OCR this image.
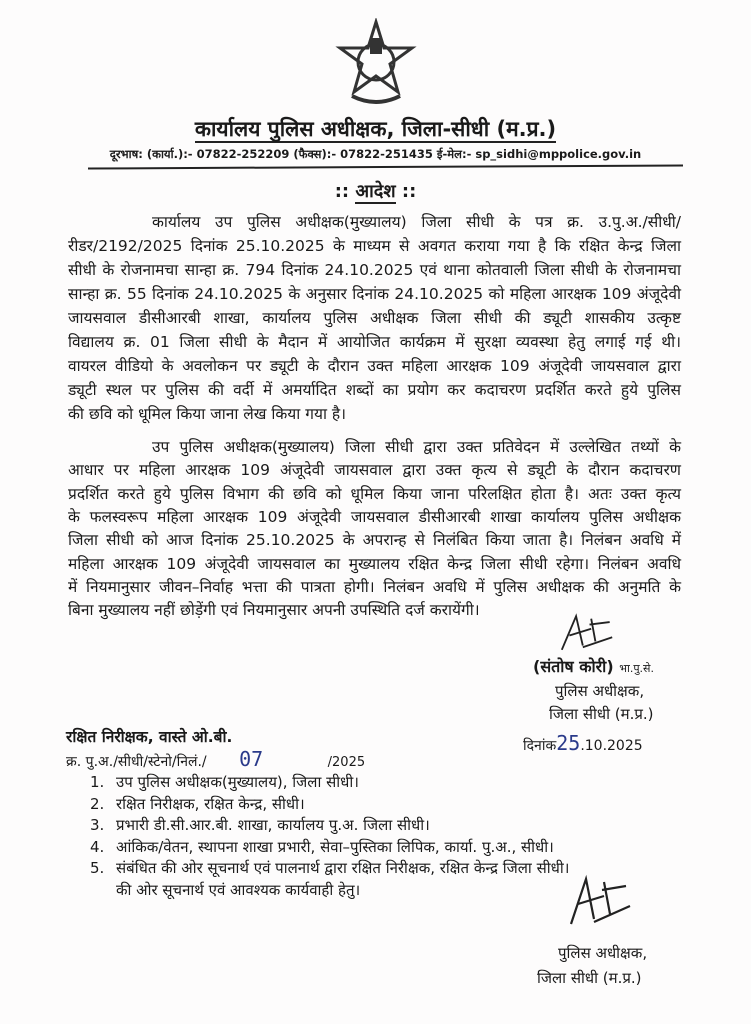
कार्यालय पुलिस अधीक्षक, जिला-सीधी (म.प्र.)
दूरभाष: (कार्या.):- 07822-252209 (फैक्स):- 07822-251435 ई-मेल:- sp_sidhi@mppolice.gov.in
:: आदेश ::
कार्यालय उप पुलिस अधीक्षक(मुख्यालय) जिला सीधी के पत्र क्र. उ.पु.अ./सीधी/
रीडर/2192/2025 दिनांक 25.10.2025 के माध्यम से अवगत कराया गया है कि रक्षित केन्द्र जिला
सीधी के रोजनामचा सान्हा क्र. 794 दिनांक 24.10.2025 एवं थाना कोतवाली जिला सीधी के रोजनामचा
सान्हा क्र. 55 दिनांक 24.10.2025 के अनुसार दिनांक 24.10.2025 को महिला आरक्षक 109 अंजूदेवी
जायसवाल डीसीआरबी शाखा, कार्यालय पुलिस अधीक्षक जिला सीधी की ड्यूटी शासकीय उत्कृष्ट
विद्यालय क्र. 01 जिला सीधी के मैदान में आयोजित कार्यक्रम में सुरक्षा व्यवस्था हेतु लगाई गई थी।
वायरल वीडियो के अवलोकन पर ड्यूटी के दौरान उक्त महिला आरक्षक 109 अंजूदेवी जायसवाल द्वारा
ड्यूटी स्थल पर पुलिस की वर्दी में अमर्यादित शब्दों का प्रयोग कर कदाचरण प्रदर्शित करते हुये पुलिस
की छवि को धूमिल किया जाना लेख किया गया है।
उप पुलिस अधीक्षक(मुख्यालय) जिला सीधी द्वारा उक्त प्रतिवेदन में उल्लेखित तथ्यों के
आधार पर महिला आरक्षक 109 अंजूदेवी जायसवाल द्वारा उक्त कृत्य से ड्यूटी के दौरान कदाचरण
प्रदर्शित करते हुये पुलिस विभाग की छवि को धूमिल किया जाना परिलक्षित होता है। अतः उक्त कृत्य
के फलस्वरूप महिला आरक्षक 109 अंजूदेवी जायसवाल डीसीआरबी शाखा कार्यालय पुलिस अधीक्षक
जिला सीधी को आज दिनांक 25.10.2025 के अपरान्ह से निलंबित किया जाता है। निलंबन अवधि में
महिला आरक्षक 109 अंजूदेवी जायसवाल का मुख्यालय रक्षित केन्द्र जिला सीधी रहेगा। निलंबन अवधि
में नियमानुसार जीवन–निर्वाह भत्ता की पात्रता होगी। निलंबन अवधि में पुलिस अधीक्षक की अनुमति के
बिना मुख्यालय नहीं छोड़ेंगी एवं नियमानुसार अपनी उपस्थिति दर्ज करायेंगी।
(संतोष कोरी) भा.पु.से.
पुलिस अधीक्षक,
जिला सीधी (म.प्र.)
रक्षित निरीक्षक, वास्ते ओ.बी.
क्र. पु.अ./सीधी/स्टेनो/निलं./ 07	/2025
दिनांक25.10.2025
1. उप पुलिस अधीक्षक(मुख्यालय), जिला सीधी।
2. रक्षित निरीक्षक, रक्षित केन्द्र, सीधी।
3. प्रभारी डी.सी.आर.बी. शाखा, कार्यालय पु.अ. जिला सीधी।
4. आंकिक/वेतन, स्थापना शाखा प्रभारी, सेवा–पुस्तिका लिपिक, कार्या. पु.अ., सीधी।
5. संबंधित की ओर सूचनार्थ एवं पालनार्थ द्वारा रक्षित निरीक्षक, रक्षित केन्द्र जिला सीधी।
की ओर सूचनार्थ एवं आवश्यक कार्यवाही हेतु।
पुलिस अधीक्षक,
जिला सीधी (म.प्र.)
